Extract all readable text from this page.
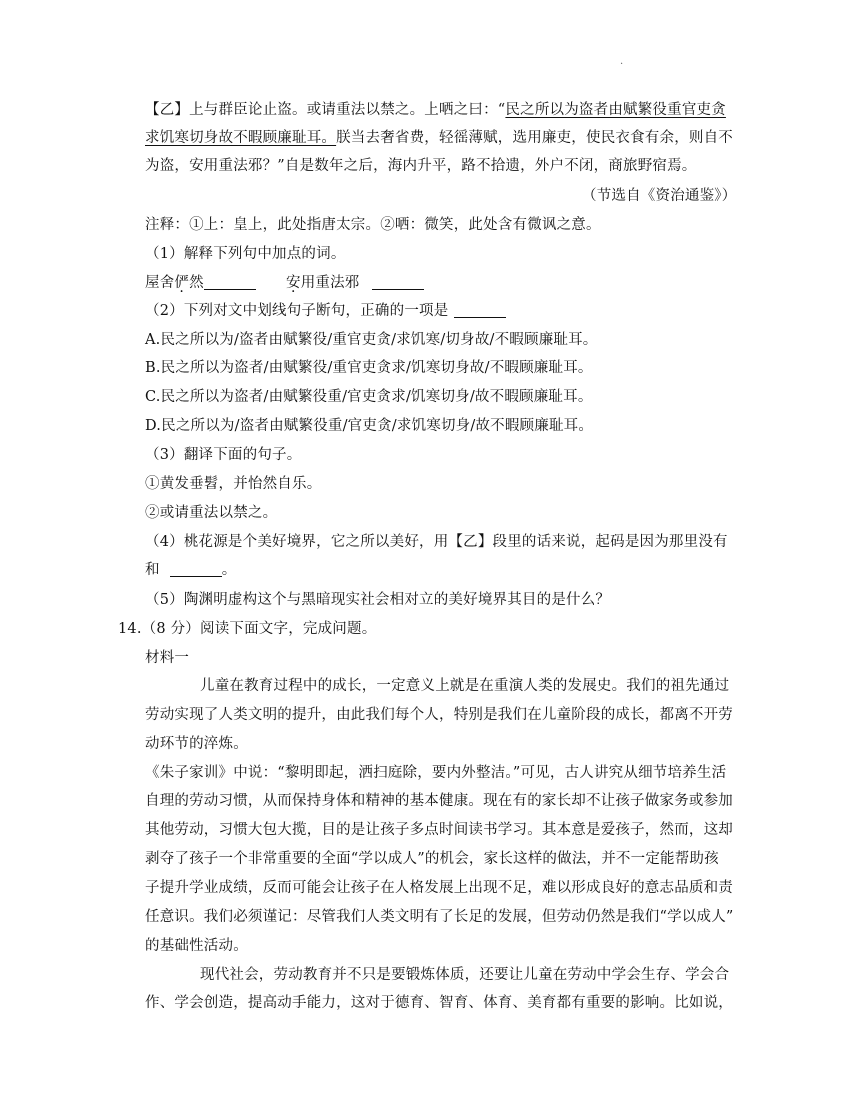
.
【乙】上与群臣论止盗。或请重法以禁之。上哂之曰：“民之所以为盗者由赋繁役重官吏贪
求饥寒切身故不暇顾廉耻耳。朕当去奢省费，轻徭薄赋，选用廉吏，使民衣食有余，则自不
为盗，安用重法邪？”自是数年之后，海内升平，路不拾遗，外户不闭，商旅野宿焉。
（节选自《资治通鉴》）
注释：①上：皇上，此处指唐太宗。②哂：微笑，此处含有微讽之意。
（1）解释下列句中加点的词。
屋舍俨然	安用重法邪
（2）下列对文中划线句子断句，正确的一项是
A.民之所以为/盗者由赋繁役/重官吏贪/求饥寒/切身故/不暇顾廉耻耳。
B.民之所以为盗者/由赋繁役/重官吏贪求/饥寒切身故/不暇顾廉耻耳。
C.民之所以为盗者/由赋繁役重/官吏贪求/饥寒切身/故不暇顾廉耻耳。
D.民之所以为/盗者由赋繁役重/官吏贪/求饥寒切身/故不暇顾廉耻耳。
（3）翻译下面的句子。
①黄发垂髫，并怡然自乐。
②或请重法以禁之。
（4）桃花源是个美好境界，它之所以美好，用【乙】段里的话来说，起码是因为那里没有
和	。
（5）陶渊明虚构这个与黑暗现实社会相对立的美好境界其目的是什么？
14.（8 分）阅读下面文字，完成问题。
材料一
儿童在教育过程中的成长，一定意义上就是在重演人类的发展史。我们的祖先通过
劳动实现了人类文明的提升，由此我们每个人，特别是我们在儿童阶段的成长，都离不开劳
动环节的淬炼。
《朱子家训》中说：“黎明即起，洒扫庭除，要内外整洁。”可见，古人讲究从细节培养生活
自理的劳动习惯，从而保持身体和精神的基本健康。现在有的家长却不让孩子做家务或参加
其他劳动，习惯大包大揽，目的是让孩子多点时间读书学习。其本意是爱孩子，然而，这却
剥夺了孩子一个非常重要的全面“学以成人”的机会，家长这样的做法，并不一定能帮助孩
子提升学业成绩，反而可能会让孩子在人格发展上出现不足，难以形成良好的意志品质和责
任意识。我们必须谨记：尽管我们人类文明有了长足的发展，但劳动仍然是我们“学以成人”
的基础性活动。
现代社会，劳动教育并不只是要锻炼体质，还要让儿童在劳动中学会生存、学会合
作、学会创造，提高动手能力，这对于德育、智育、体育、美育都有重要的影响。比如说，
